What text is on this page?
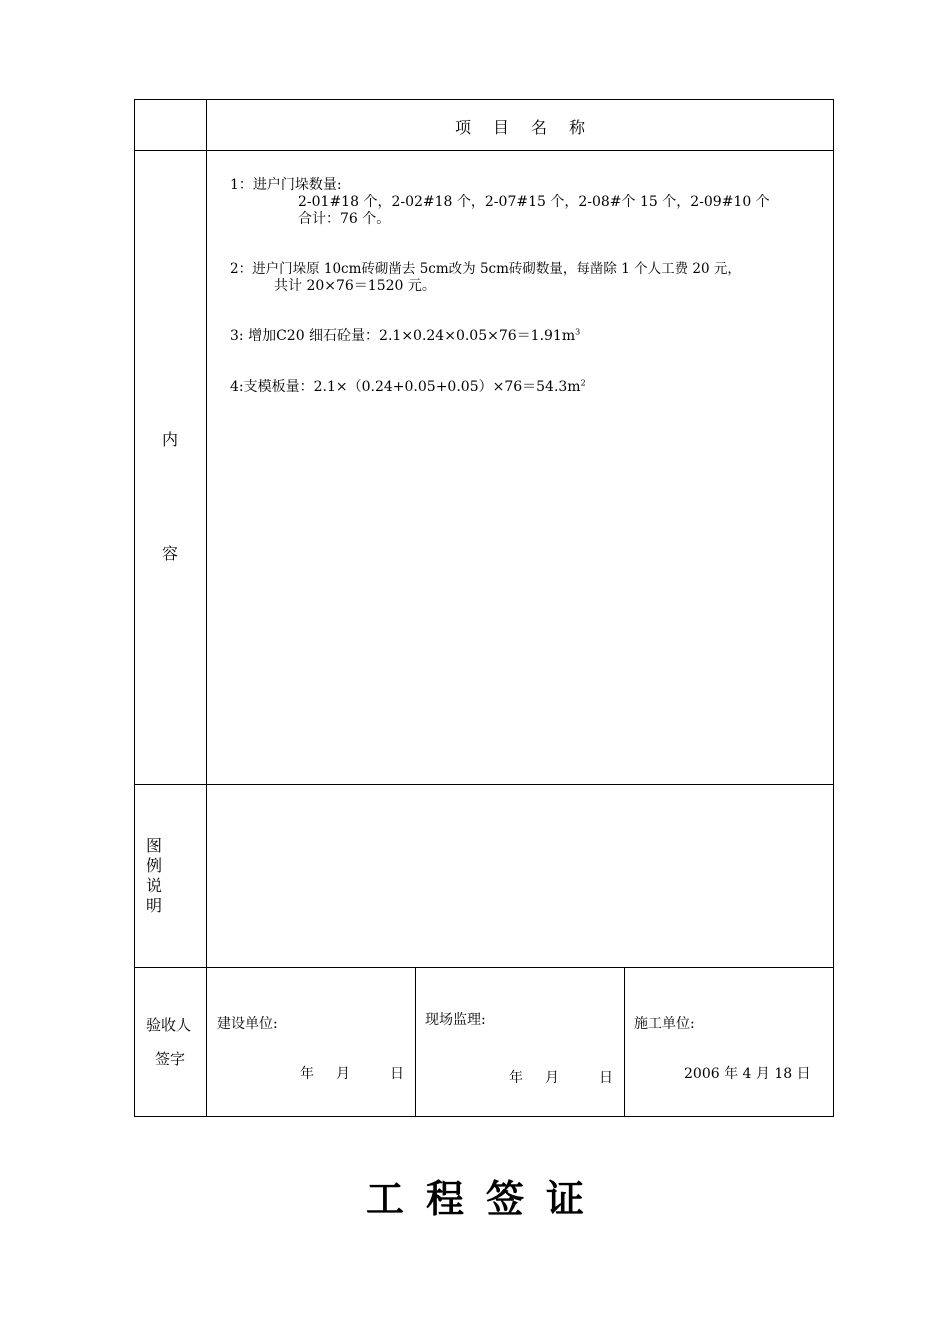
项目名称
内
容
图
例
说
明
验收人
签字
1：进户门垛数量:
2-01#18 个，2-02#18 个，2-07#15 个，2-08#个 15 个，2-09#10 个
合计：76 个。
2：进户门垛原 10cm砖砌凿去 5cm改为 5cm砖砌数量，每凿除 1 个人工费 20 元，
共计 20×76＝1520 元。
3: 增加C20 细石砼量：$2.1\times 0.24\times 0.05\times 76=1.91m^3$
4:支模板量：$2.1\times(0.24+0.05+0.05)\times 76=54.3m^2$
建设单位:
年　月　　日
现场监理:
年　月　　日
施工单位:
2006 年 4 月 18 日
工程签证
